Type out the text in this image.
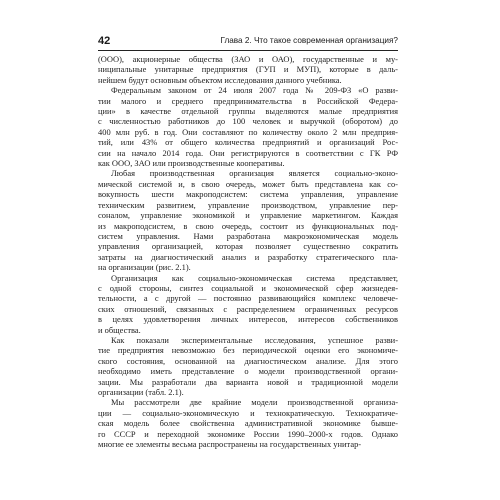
42	Глава 2. Что такое современная организация?
(ООО), акционерные общества (ЗАО и ОАО), государственные и му-
ниципальные унитарные предприятия (ГУП и МУП), которые в даль-
нейшем будут основным объектом исследования данного учебника.
Федеральным законом от 24 июля 2007 года № 209-ФЗ «О разви-
тии малого и среднего предпринимательства в Российской Федера-
ции» в качестве отдельной группы выделяются малые предприятия
с численностью работников до 100 человек и выручкой (оборотом) до
400 млн руб. в год. Они составляют по количеству около 2 млн предприя-
тий, или 43% от общего количества предприятий и организаций Рос-
сии на начало 2014 года. Они регистрируются в соответствии с ГК РФ
как ООО, ЗАО или производственные кооперативы.
Любая производственная организация является социально-эконо-
мической системой и, в свою очередь, может быть представлена как со-
вокупность шести макроподсистем: система управления, управление
техническим развитием, управление производством, управление пер-
соналом, управление экономикой и управление маркетингом. Каждая
из макроподсистем, в свою очередь, состоит из функциональных под-
систем управления. Нами разработана макроэкономическая модель
управления организацией, которая позволяет существенно сократить
затраты на диагностический анализ и разработку стратегического пла-
на организации (рис. 2.1).
Организация как социально-экономическая система представляет,
с одной стороны, синтез социальной и экономической сфер жизнедея-
тельности, а с другой — постоянно развивающийся комплекс человече-
ских отношений, связанных с распределением ограниченных ресурсов
в целях удовлетворения личных интересов, интересов собственников
и общества.
Как показали экспериментальные исследования, успешное разви-
тие предприятия невозможно без периодической оценки его экономиче-
ского состояния, основанной на диагностическом анализе. Для этого
необходимо иметь представление о модели производственной органи-
зации. Мы разработали два варианта новой и традиционной модели
организации (табл. 2.1).
Мы рассмотрели две крайние модели производственной организа-
ции — социально-экономическую и технократическую. Технократиче-
ская модель более свойственна административной экономике бывше-
го СССР и переходной экономике России 1990–2000-х годов. Однако
многие ее элементы весьма распространены на государственных унитар-
